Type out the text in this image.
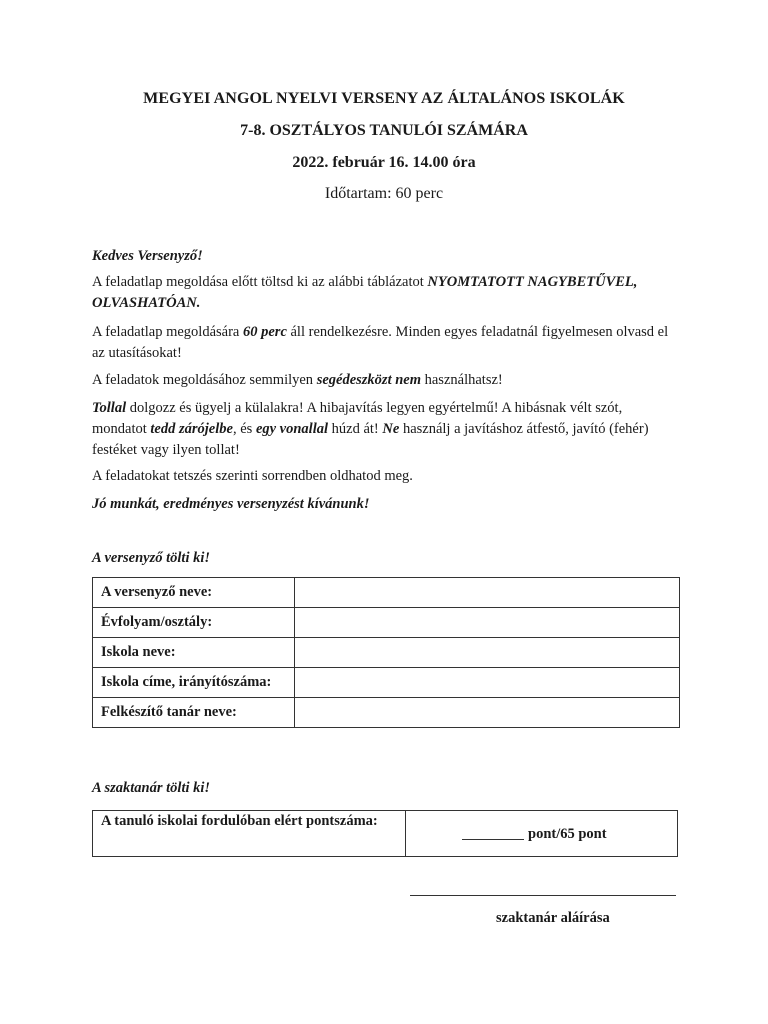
MEGYEI ANGOL NYELVI VERSENY AZ ÁLTALÁNOS ISKOLÁK
7-8. OSZTÁLYOS TANULÓI SZÁMÁRA
2022. február 16. 14.00 óra
Időtartam: 60 perc
Kedves Versenyző!
A feladatlap megoldása előtt töltsd ki az alábbi táblázatot NYOMTATOTT NAGYBETŰVEL, OLVASHATÓAN.
A feladatlap megoldására 60 perc áll rendelkezésre. Minden egyes feladatnál figyelmesen olvasd el az utasításokat!
A feladatok megoldásához semmilyen segédeszközt nem használhatsz!
Tollal dolgozz és ügyelj a külalakra! A hibajavítás legyen egyértelmű! A hibásnak vélt szót, mondatot tedd zárójelbe, és egy vonallal húzd át! Ne használj a javításhoz átfestő, javító (fehér) festéket vagy ilyen tollat!
A feladatokat tetszés szerinti sorrendben oldhatod meg.
Jó munkát, eredményes versenyzést kívánunk!
A versenyző tölti ki!
A versenyző neve:	
Évfolyam/osztály:	
Iskola neve:	
Iskola címe, irányítószáma:	
Felkészítő tanár neve:	
A szaktanár tölti ki!
A tanuló iskolai fordulóban elért pontszáma:	pont/65 pont
szaktanár aláírása
